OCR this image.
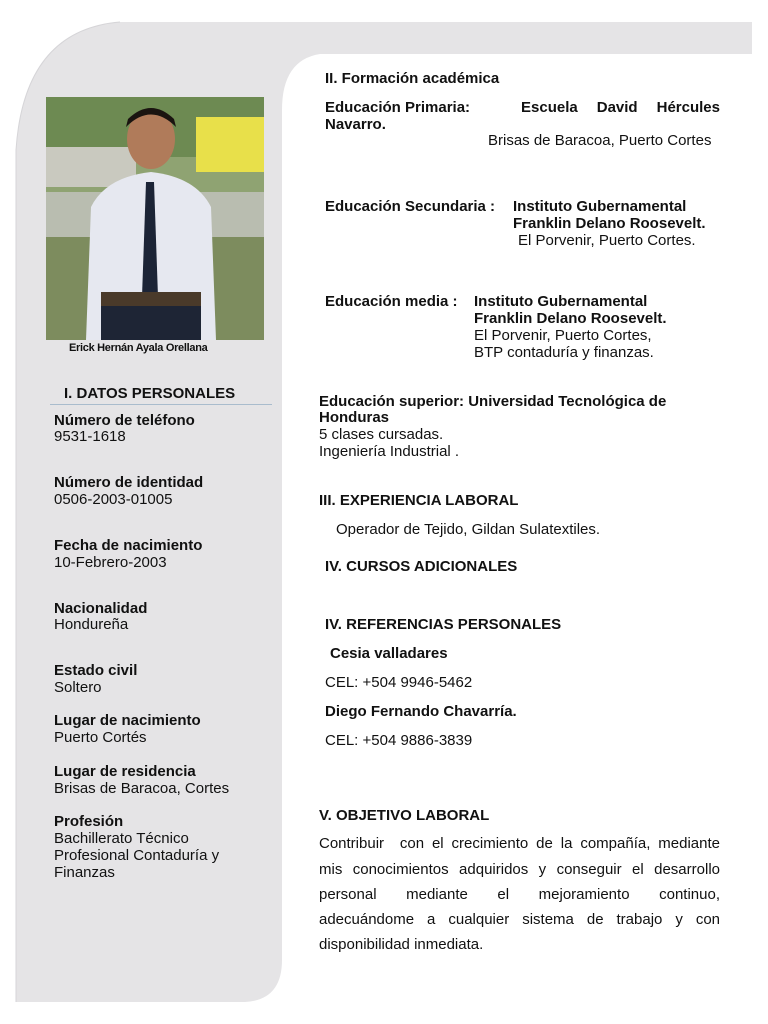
Erick Hernán Ayala Orellana
I. DATOS PERSONALES
Número de teléfono
9531-1618
Número de identidad
0506-2003-01005
Fecha de nacimiento
10-Febrero-2003
Nacionalidad
Hondureña
Estado civil
Soltero
Lugar de nacimiento
Puerto Cortés
Lugar de residencia
Brisas de Baracoa, Cortes
Profesión
Bachillerato Técnico
Profesional Contaduría y
Finanzas
II. Formación académica
Educación Primaria:	Escuela David Hércules
Navarro.
Brisas de Baracoa, Puerto Cortes
Educación Secundaria : Instituto Gubernamental
Franklin Delano Roosevelt.
El Porvenir, Puerto Cortes.
Educación media : Instituto Gubernamental
Franklin Delano Roosevelt.
El Porvenir, Puerto Cortes,
BTP contaduría y finanzas.
Educación superior: Universidad Tecnológica de
Honduras
5 clases cursadas.
Ingeniería Industrial .
III. EXPERIENCIA LABORAL
Operador de Tejido, Gildan Sulatextiles.
IV. CURSOS ADICIONALES
IV. REFERENCIAS PERSONALES
Cesia valladares
CEL: +504 9946-5462
Diego Fernando Chavarría.
CEL: +504 9886-3839
V. OBJETIVO LABORAL
Contribuir  con el crecimiento de la compañía, mediante
mis conocimientos adquiridos y conseguir el desarrollo
personal     mediante     el     mejoramiento     continuo,
adecuándome a cualquier sistema de trabajo y con
disponibilidad inmediata.
